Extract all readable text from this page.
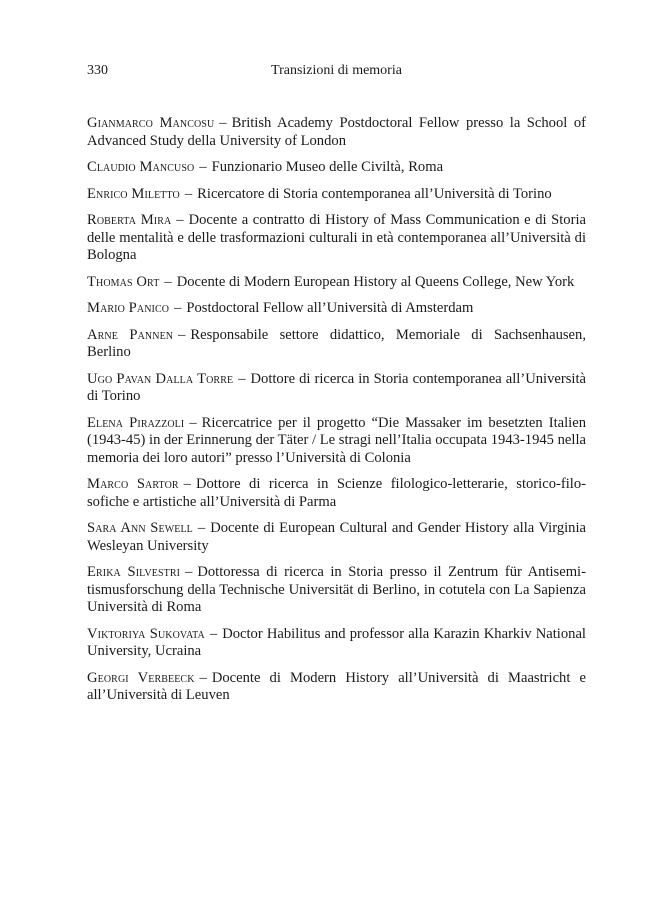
330	Transizioni di memoria

Gianmarco Mancosu – British Academy Postdoctoral Fellow presso la School of Advanced Study della University of London

Claudio Mancuso – Funzionario Museo delle Civiltà, Roma

Enrico Miletto – Ricercatore di Storia contemporanea all’Università di Torino

Roberta Mira – Docente a contratto di History of Mass Communication e di Storia delle mentalità e delle trasformazioni culturali in età contemporanea all’Università di Bologna

Thomas Ort – Docente di Modern European History al Queens College, New York

Mario Panico – Postdoctoral Fellow all’Università di Amsterdam

Arne Pannen – Responsabile settore didattico, Memoriale di Sachsenhausen, Berlino

Ugo Pavan Dalla Torre – Dottore di ricerca in Storia contemporanea all’Università di Torino

Elena Pirazzoli – Ricercatrice per il progetto “Die Massaker im besetzten Italien (1943-45) in der Erinnerung der Täter / Le stragi nell’Italia occupata 1943-1945 nella memoria dei loro autori” presso l’Università di Colonia

Marco Sartor – Dottore di ricerca in Scienze filologico-letterarie, storico-filosofiche e artistiche all’Università di Parma

Sara Ann Sewell – Docente di European Cultural and Gender History alla Virginia Wesleyan University

Erika Silvestri – Dottoressa di ricerca in Storia presso il Zentrum für Antisemitismusforschung della Technische Universität di Berlino, in cotutela con La Sapienza Università di Roma

Viktoriya Sukovata – Doctor Habilitus and professor alla Karazin Kharkiv National University, Ucraina

Georgi Verbeeck – Docente di Modern History all’Università di Maastricht e all’Università di Leuven
